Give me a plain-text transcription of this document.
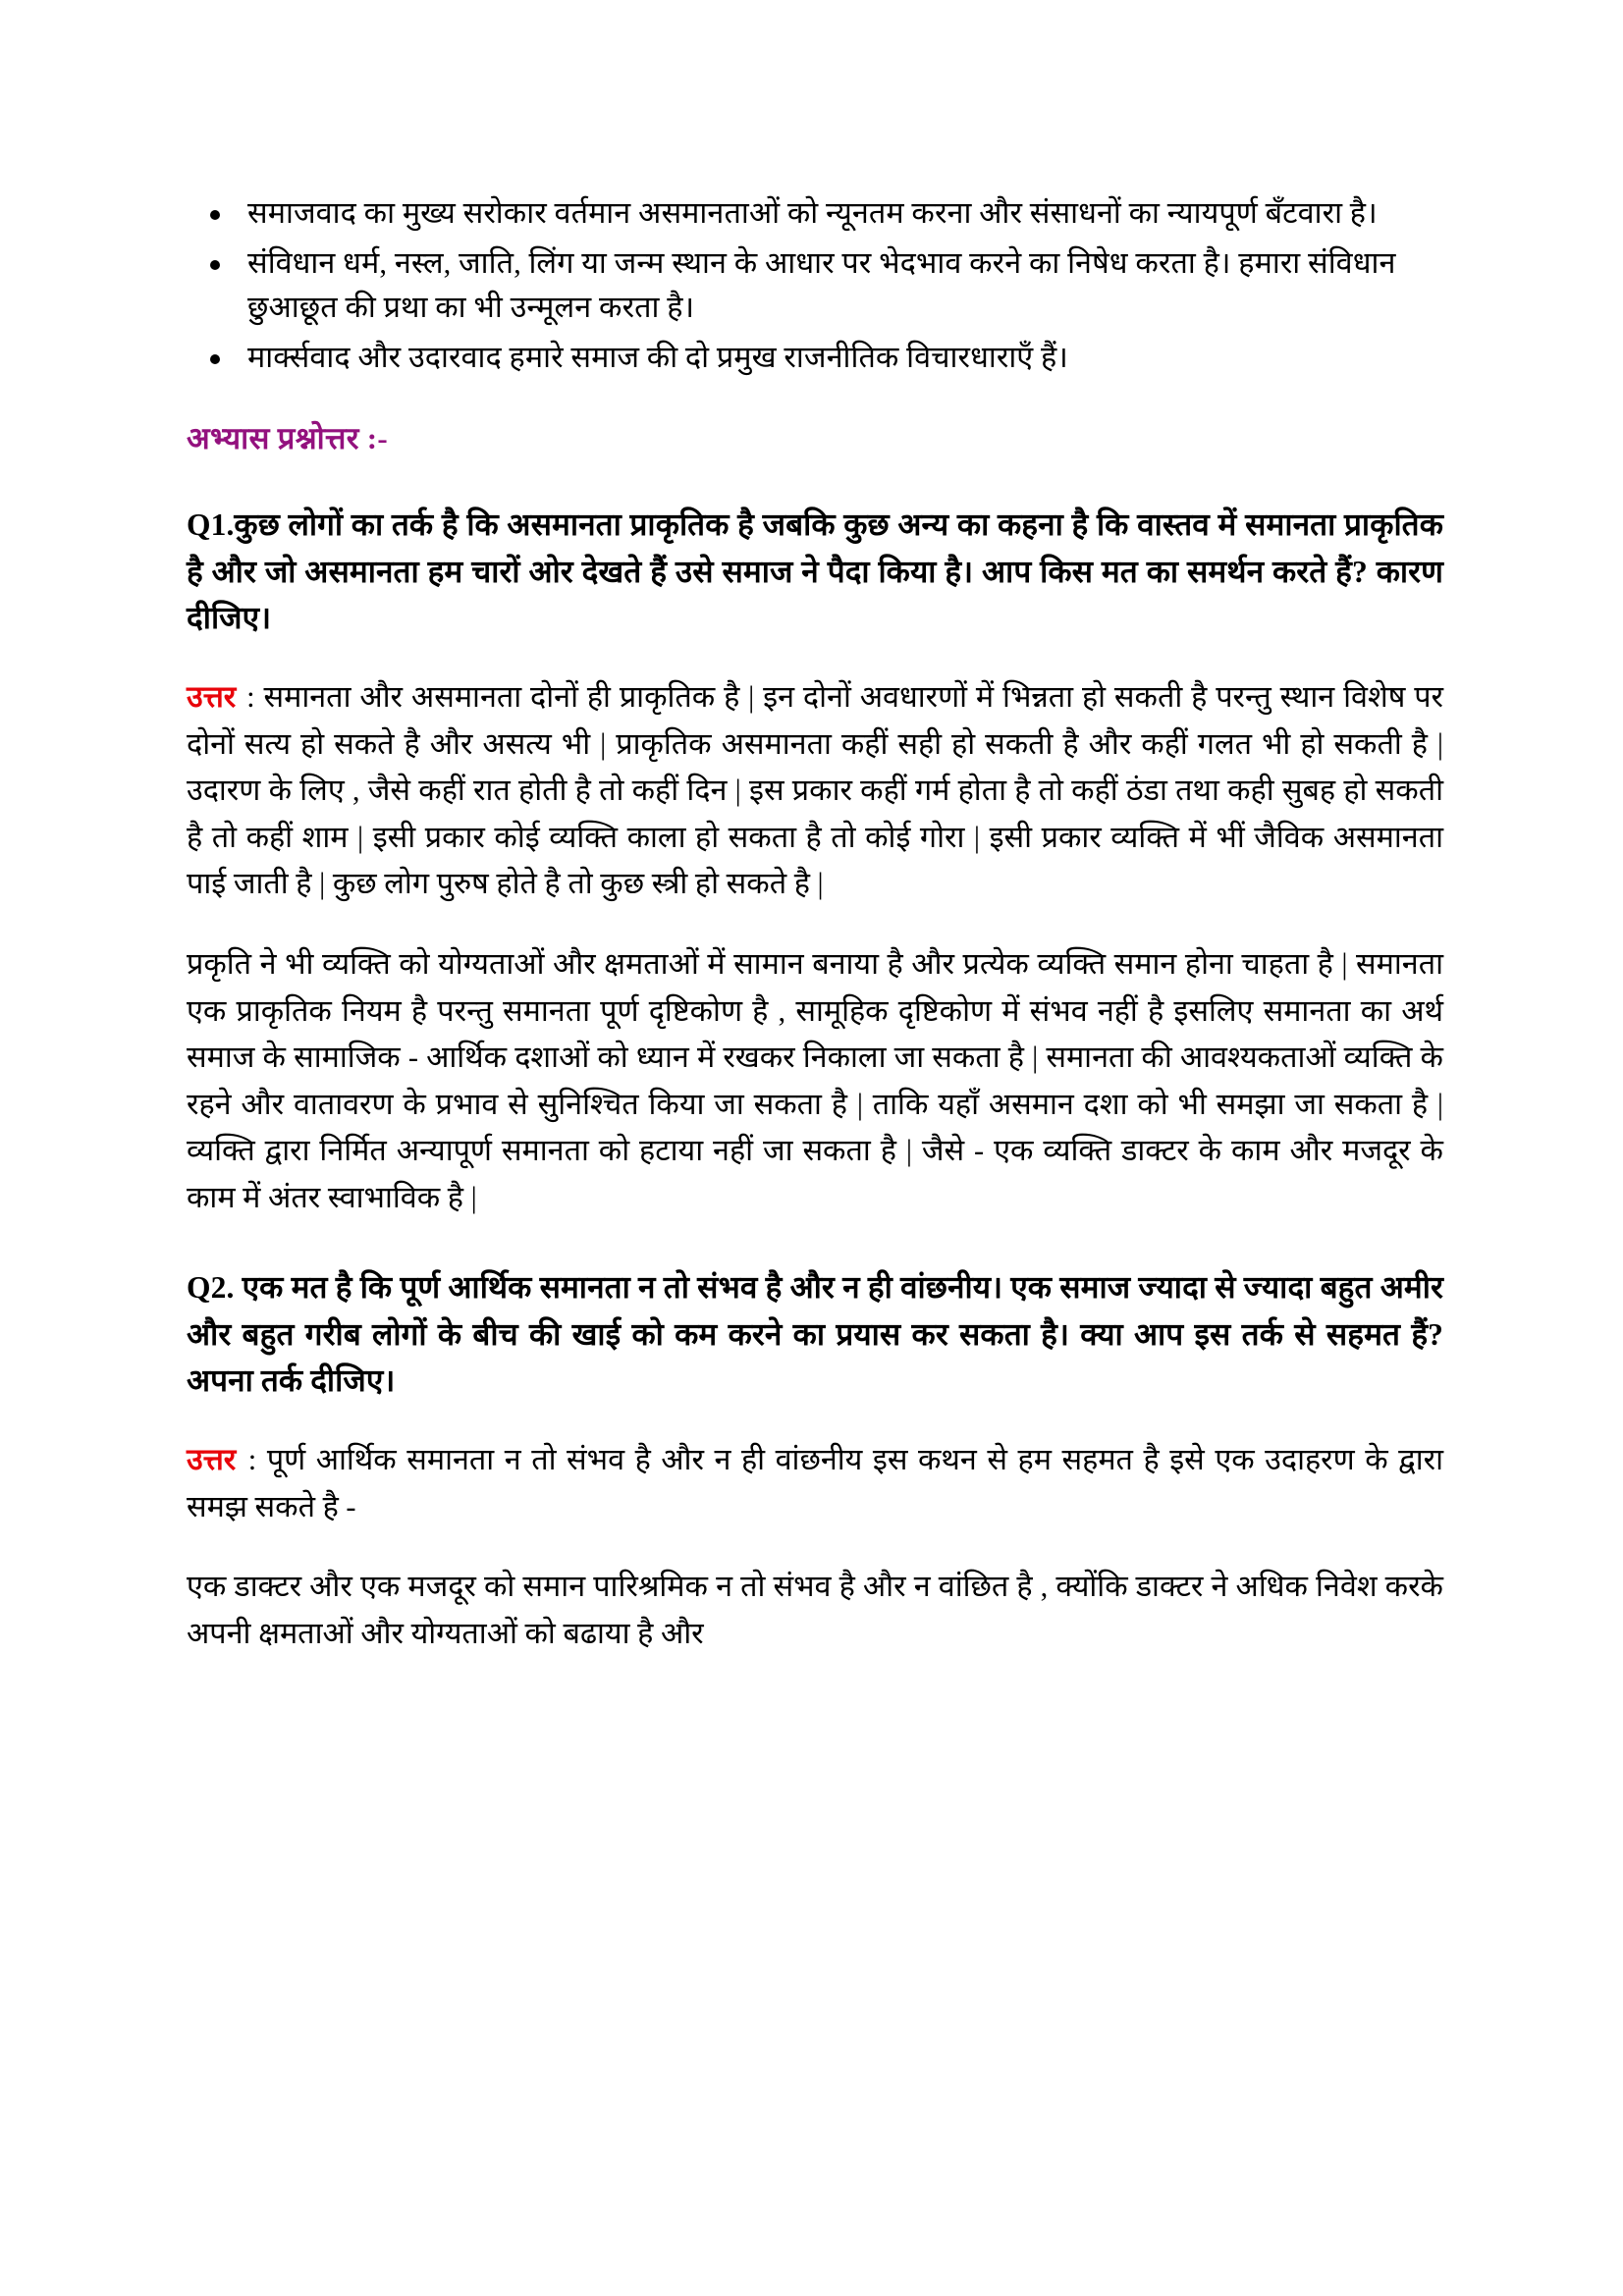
समाजवाद का मुख्य सरोकार वर्तमान असमानताओं को न्यूनतम करना और संसाधनों का न्यायपूर्ण बँटवारा है।
संविधान धर्म, नस्ल, जाति, लिंग या जन्म स्थान के आधार पर भेदभाव करने का निषेध करता है। हमारा संविधान छुआछूत की प्रथा का भी उन्मूलन करता है।
मार्क्सवाद और उदारवाद हमारे समाज की दो प्रमुख राजनीतिक विचारधाराएँ हैं।
अभ्यास प्रश्नोत्तर :-
Q1.कुछ लोगों का तर्क है कि असमानता प्राकृतिक है जबकि कुछ अन्य का कहना है कि वास्तव में समानता प्राकृतिक है और जो असमानता हम चारों ओर देखते हैं उसे समाज ने पैदा किया है। आप किस मत का समर्थन करते हैं? कारण दीजिए।

उत्तर : समानता और असमानता दोनों ही प्राकृतिक है | इन दोनों अवधारणों में भिन्नता हो सकती है परन्तु स्थान विशेष पर दोनों सत्य हो सकते है और असत्य भी | प्राकृतिक असमानता कहीं सही हो सकती है और कहीं गलत भी हो सकती है | उदारण के लिए , जैसे कहीं रात होती है तो कहीं दिन | इस प्रकार कहीं गर्म होता है तो कहीं ठंडा तथा कही सुबह हो सकती है तो कहीं शाम | इसी प्रकार कोई व्यक्ति काला हो सकता है तो कोई गोरा | इसी प्रकार व्यक्ति में भीं जैविक असमानता पाई जाती है | कुछ लोग पुरुष होते है तो कुछ स्त्री हो सकते है |

प्रकृति ने भी व्यक्ति को योग्यताओं और क्षमताओं में सामान बनाया है और प्रत्येक व्यक्ति समान होना चाहता है | समानता एक प्राकृतिक नियम है परन्तु समानता पूर्ण दृष्टिकोण है , सामूहिक दृष्टिकोण में संभव नहीं है इसलिए समानता का अर्थ समाज के सामाजिक - आर्थिक दशाओं को ध्यान में रखकर निकाला जा सकता है | समानता की आवश्यकताओं व्यक्ति के रहने और वातावरण के प्रभाव से सुनिश्चित किया जा सकता है | ताकि यहाँ असमान दशा को भी समझा जा सकता है | व्यक्ति द्वारा निर्मित अन्यापूर्ण समानता को हटाया नहीं जा सकता है | जैसे - एक व्यक्ति डाक्टर के काम और मजदूर के काम में अंतर स्वाभाविक है |

Q2. एक मत है कि पूर्ण आर्थिक समानता न तो संभव है और न ही वांछनीय। एक समाज ज्यादा से ज्यादा बहुत अमीर और बहुत गरीब लोगों के बीच की खाई को कम करने का प्रयास कर सकता है। क्या आप इस तर्क से सहमत हैं? अपना तर्क दीजिए।

उत्तर : पूर्ण आर्थिक समानता न तो संभव है और न ही वांछनीय इस कथन से हम सहमत है इसे एक उदाहरण के द्वारा समझ सकते है -

एक डाक्टर और एक मजदूर को समान पारिश्रमिक न तो संभव है और न वांछित है , क्योंकि डाक्टर ने अधिक निवेश करके अपनी क्षमताओं और योग्यताओं को बढाया है और
